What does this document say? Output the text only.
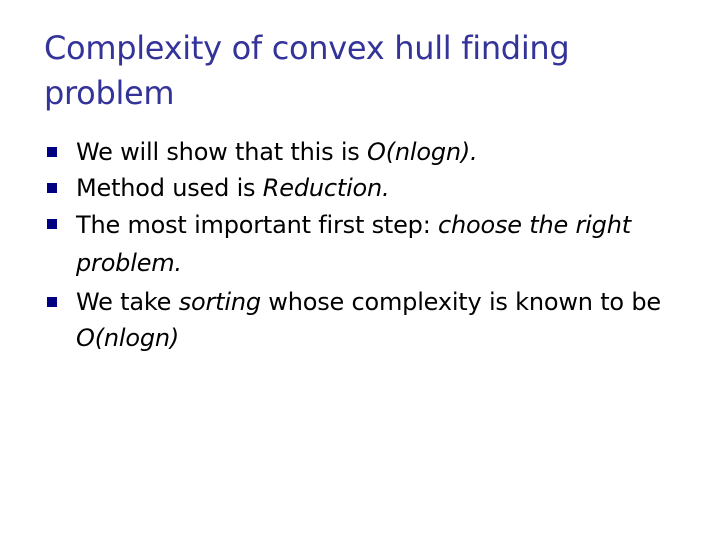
Complexity of convex hull finding problem
We will show that this is O(nlogn).
Method used is Reduction.
The most important first step: choose the right problem.
We take sorting whose complexity is known to be O(nlogn)
